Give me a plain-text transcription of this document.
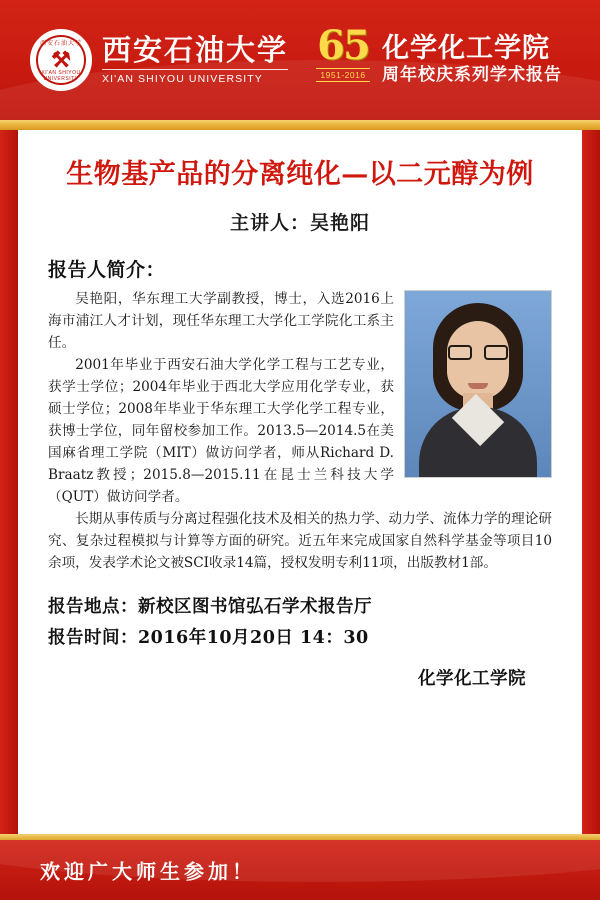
西安石油大学
⚒
XI'AN SHIYOU UNIVERSITY
西安石油大学
XI'AN SHIYOU UNIVERSITY
65
1951-2016
化学化工学院
周年校庆系列学术报告
生物基产品的分离纯化—以二元醇为例
主讲人：吴艳阳
报告人简介：

吴艳阳，华东理工大学副教授，博士，入选2016上海市浦江人才计划，现任华东理工大学化工学院化工系主任。

2001年毕业于西安石油大学化学工程与工艺专业，获学士学位；2004年毕业于西北大学应用化学专业，获硕士学位；2008年毕业于华东理工大学化学工程专业，获博士学位，同年留校参加工作。2013.5—2014.5在美国麻省理工学院（MIT）做访问学者，师从Richard D. Braatz教授；2015.8—2015.11在昆士兰科技大学（QUT）做访问学者。

长期从事传质与分离过程强化技术及相关的热力学、动力学、流体力学的理论研究、复杂过程模拟与计算等方面的研究。近五年来完成国家自然科学基金等项目10余项，发表学术论文被SCI收录14篇，授权发明专利11项，出版教材1部。

报告地点：新校区图书馆弘石学术报告厅
报告时间：2016年10月20日 14：30
化学化工学院
欢迎广大师生参加！
